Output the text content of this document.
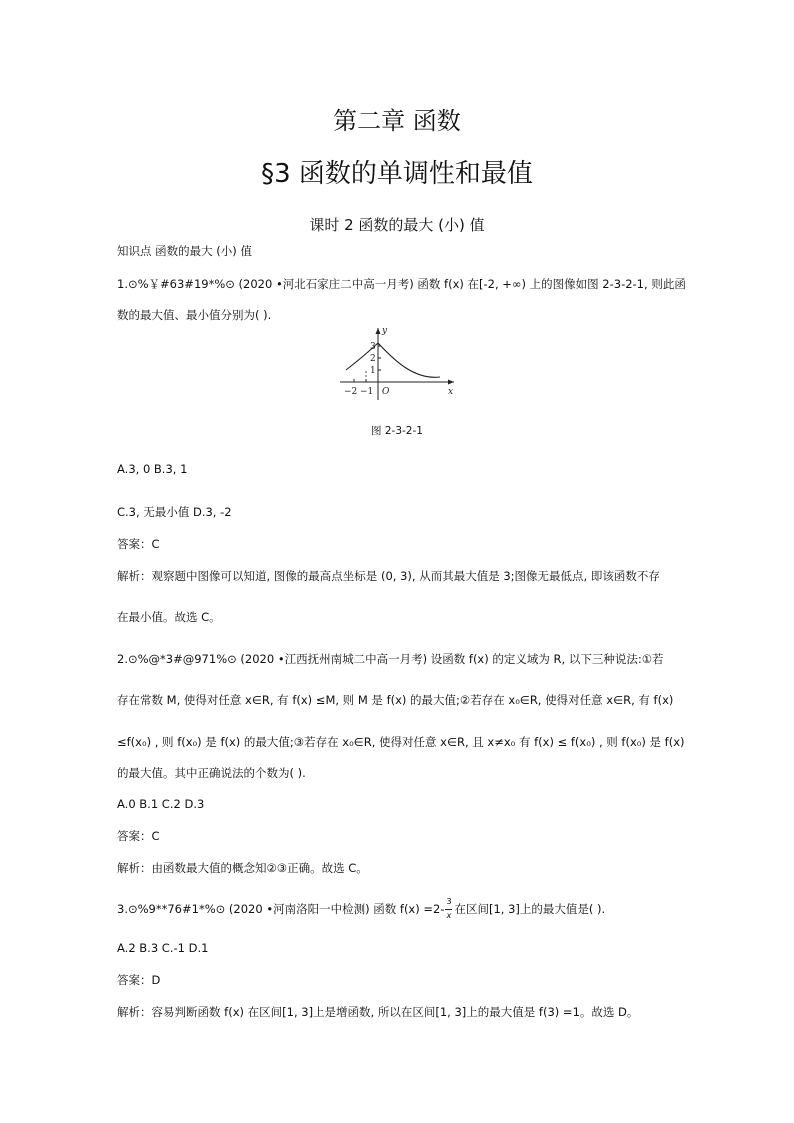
第二章 函数
§3 函数的单调性和最值
课时 2 函数的最大 (小) 值
知识点 函数的最大 (小) 值
1.⊙%￥#63#19*%⊙ (2020 •河北石家庄二中高一月考) 函数 f(x) 在[-2, +∞) 上的图像如图 2-3-2-1, 则此函
数的最大值、最小值分别为( ).
y
x
O
3
2
1
−2 −1
图 2-3-2-1
A.3, 0 B.3, 1
C.3, 无最小值 D.3, -2
答案：C
解析：观察题中图像可以知道, 图像的最高点坐标是 (0, 3), 从而其最大值是 3;图像无最低点, 即该函数不存
在最小值。故选 C。
2.⊙%@*3#@971%⊙ (2020 •江西抚州南城二中高一月考) 设函数 f(x) 的定义域为 R, 以下三种说法:①若
存在常数 M, 使得对任意 x∈R, 有 f(x) ≤M, 则 M 是 f(x) 的最大值;②若存在 x₀∈R, 使得对任意 x∈R, 有 f(x)
≤f(x₀) , 则 f(x₀) 是 f(x) 的最大值;③若存在 x₀∈R, 使得对任意 x∈R, 且 x≠x₀ 有 f(x) ≤ f(x₀) , 则 f(x₀) 是 f(x)
的最大值。其中正确说法的个数为( ).
A.0 B.1 C.2 D.3
答案：C
解析：由函数最大值的概念知②③正确。故选 C。
3.⊙%9**76#1*%⊙ (2020 •河南洛阳一中检测) 函数 $f(x) =2- \frac{3}{x}$ 在区间[1, 3]上的最大值是( ).
A.2 B.3 C.-1 D.1
答案：D
解析：容易判断函数 f(x) 在区间[1, 3]上是增函数, 所以在区间[1, 3]上的最大值是 f(3) =1。故选 D。
